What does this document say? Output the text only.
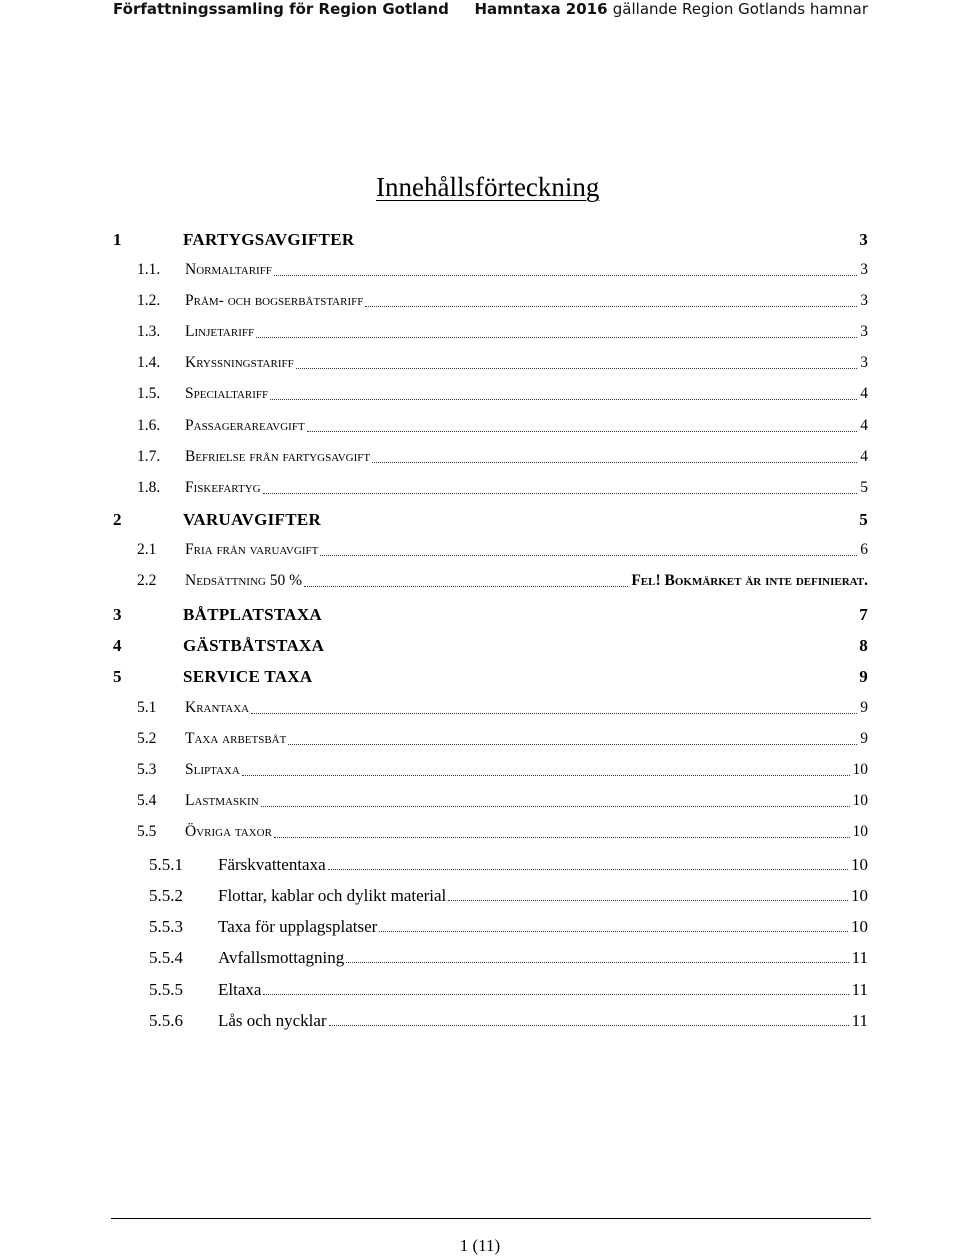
Författningssamling för Region Gotland Hamntaxa 2016 gällande Region Gotlands hamnar
Innehållsförteckning
1	FARTYGSAVGIFTER	3
1.1. Normaltariff	3
1.2. Pråm- och bogserbåtstariff	3
1.3. Linjetariff	3
1.4. Kryssningstariff	3
1.5. Specialtariff	4
1.6. Passagerareavgift	4
1.7. Befrielse från fartygsavgift	4
1.8. Fiskefartyg	5
2	VARUAVGIFTER	5
2.1 Fria från varuavgift	6
2.2 Nedsättning 50 %	Fel! Bokmärket är inte definierat.
3	BÅTPLATSTAXA	7
4	GÄSTBÅTSTAXA	8
5	SERVICE TAXA	9
5.1 Krantaxa	9
5.2 Taxa arbetsbåt	9
5.3 Sliptaxa	10
5.4 Lastmaskin	10
5.5 Övriga taxor	10
5.5.1 Färskvattentaxa	10
5.5.2 Flottar, kablar och dylikt material	10
5.5.3 Taxa för upplagsplatser	10
5.5.4 Avfallsmottagning	11
5.5.5 Eltaxa	11
5.5.6 Lås och nycklar	11
1 (11)
